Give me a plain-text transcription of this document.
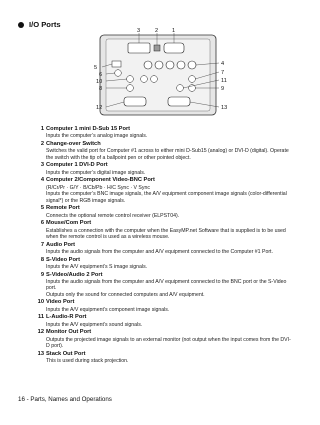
I/O Ports
3	2 1
5
6
10
8
12
4
7
11
9
13
1 Computer 1 mini D-Sub 15 Port
Inputs the computer’s analog image signals.
2 Change-over Switch
Switches the valid port for Computer #1 across to either mini D-Sub15 (analog) or DVI-D (digital). Operate the switch with the tip of a ballpoint pen or other pointed object.
3 Computer 1 DVI-D Port
Inputs the computer’s digital image signals.
4 Computer 2/Component Video-BNC Port
(R/Cr/Pr · G/Y · B/Cb/Pb · H/C Sync · V Sync
Inputs the computer’s BNC image signals, the A/V equipment component image signals (color-differential signal*) or the RGB image signals.
5 Remote Port
Connects the optional remote control receiver (ELPST04).
6 Mouse/Com Port
Establishes a connection with the computer when the EasyMP.net Software that is supplied is to be used when the remote control is used as a wireless mouse.
7 Audio Port
Inputs the audio signals from the computer and A/V equipment connected to the Computer #1 Port.
8 S-Video Port
Inputs the A/V equipment’s S image signals.
9 S-Video/Audio 2 Port
Inputs the audio signals from the computer and A/V equipment connected to the BNC port or the S-Video port.
Outputs only the sound for connected computers and A/V equipment.
10 Video Port
Inputs the A/V equipment’s component image signals.
11 L-Audio-R Port
Inputs the A/V equipment’s sound signals.
12 Monitor Out Port
Outputs the projected image signals to an external monitor (not output when the input comes from the DVI-D port).
13 Stack Out Port
This is used during stack projection.
16 - Parts, Names and Operations
